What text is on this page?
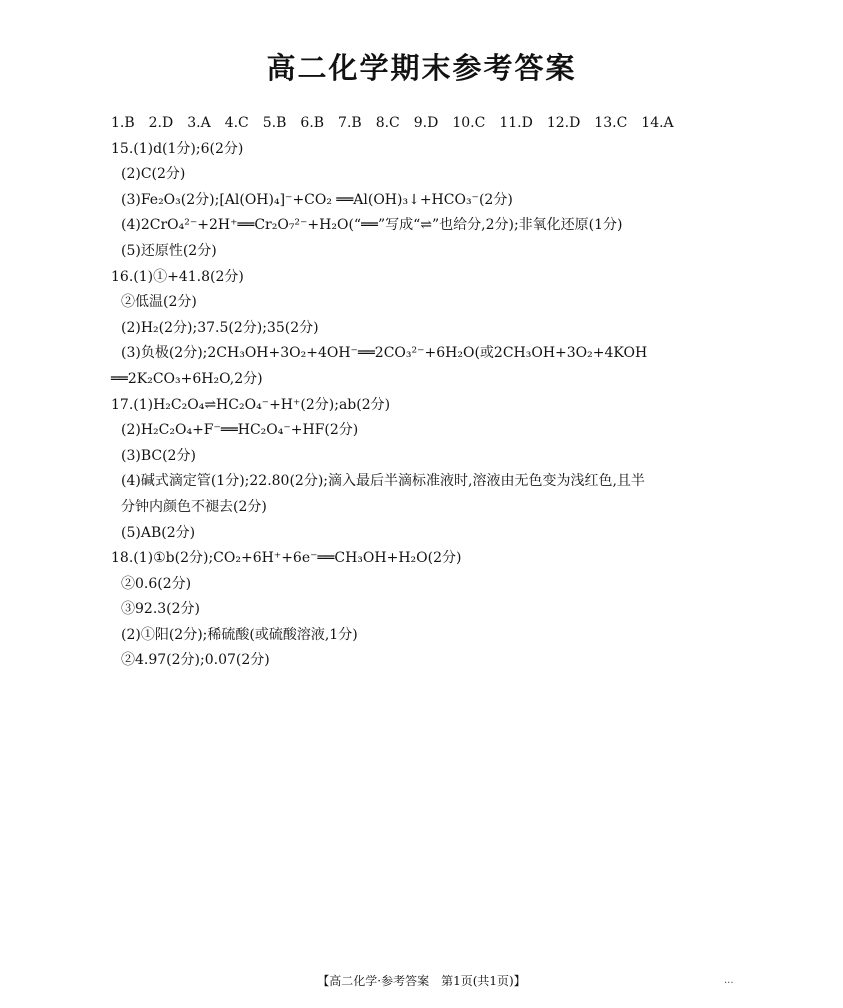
高二化学期末参考答案
1.B　2.D　3.A　4.C　5.B　6.B　7.B　8.C　9.D　10.C　11.D　12.D　13.C　14.A
15.(1)d(1分);6(2分)
(2)C(2分)
(3)Fe₂O₃(2分);[Al(OH)₄]⁻+CO₂ ══Al(OH)₃↓+HCO₃⁻(2分)
(4)2CrO₄²⁻+2H⁺══Cr₂O₇²⁻+H₂O(“══”写成“⇌”也给分,2分);非氧化还原(1分)
(5)还原性(2分)
16.(1)①+41.8(2分)
②低温(2分)
(2)H₂(2分);37.5(2分);35(2分)
(3)负极(2分);2CH₃OH+3O₂+4OH⁻══2CO₃²⁻+6H₂O(或2CH₃OH+3O₂+4KOH
══2K₂CO₃+6H₂O,2分)
17.(1)H₂C₂O₄⇌HC₂O₄⁻+H⁺(2分);ab(2分)
(2)H₂C₂O₄+F⁻══HC₂O₄⁻+HF(2分)
(3)BC(2分)
(4)碱式滴定管(1分);22.80(2分);滴入最后半滴标准液时,溶液由无色变为浅红色,且半
分钟内颜色不褪去(2分)
(5)AB(2分)
18.(1)①b(2分);CO₂+6H⁺+6e⁻══CH₃OH+H₂O(2分)
②0.6(2分)
③92.3(2分)
(2)①阳(2分);稀硫酸(或硫酸溶液,1分)
②4.97(2分);0.07(2分)
【高二化学·参考答案　第1页(共1页)】	...
